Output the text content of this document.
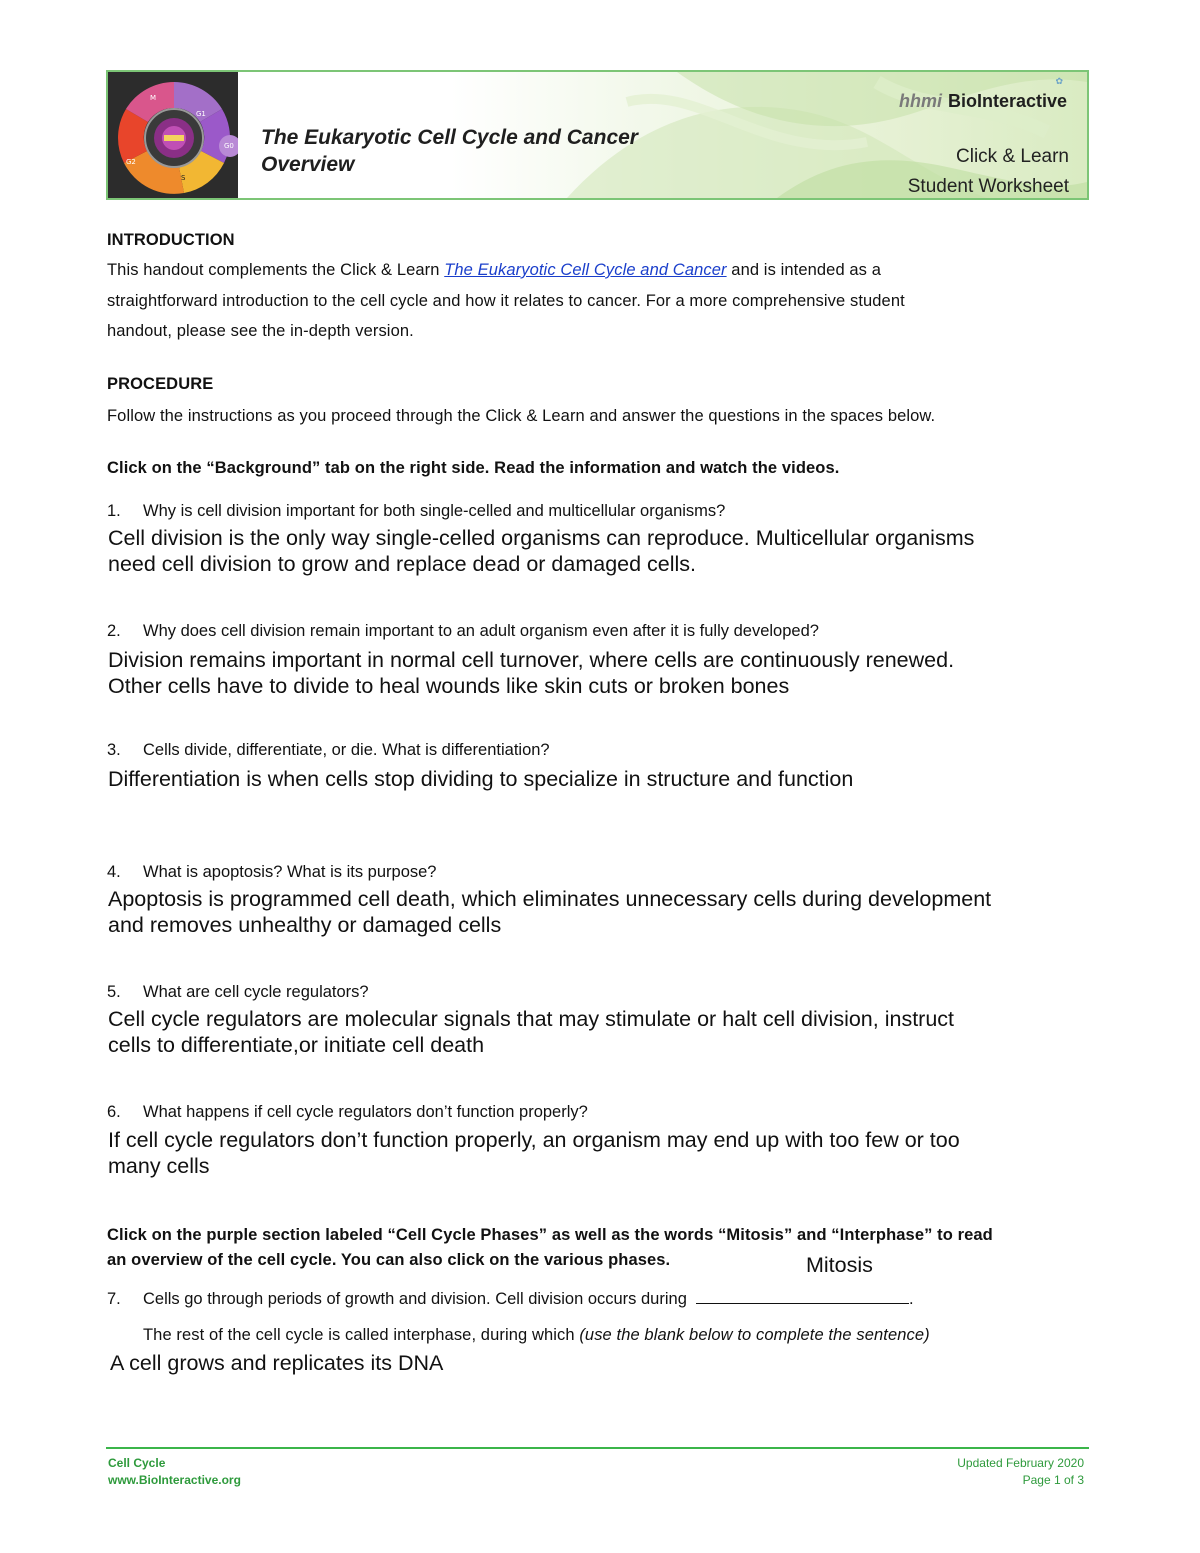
M
G1
G0
S
G2
The Eukaryotic Cell Cycle and Cancer
Overview
✿
hhmi BioInteractive
Click & Learn
Student Worksheet
INTRODUCTION
This handout complements the Click & Learn The Eukaryotic Cell Cycle and Cancer and is intended as a
straightforward introduction to the cell cycle and how it relates to cancer. For a more comprehensive student
handout, please see the in-depth version.
PROCEDURE
Follow the instructions as you proceed through the Click & Learn and answer the questions in the spaces below.
Click on the “Background” tab on the right side. Read the information and watch the videos.
1. Why is cell division important for both single-celled and multicellular organisms?
Cell division is the only way single-celled organisms can reproduce. Multicellular organisms
need cell division to grow and replace dead or damaged cells.
2. Why does cell division remain important to an adult organism even after it is fully developed?
Division remains important in normal cell turnover, where cells are continuously renewed.
Other cells have to divide to heal wounds like skin cuts or broken bones
3. Cells divide, differentiate, or die. What is differentiation?
Differentiation is when cells stop dividing to specialize in structure and function
4. What is apoptosis? What is its purpose?
Apoptosis is programmed cell death, which eliminates unnecessary cells during development
and removes unhealthy or damaged cells
5. What are cell cycle regulators?
Cell cycle regulators are molecular signals that may stimulate or halt cell division, instruct
cells to differentiate,or initiate cell death
6. What happens if cell cycle regulators don’t function properly?
If cell cycle regulators don’t function properly, an organism may end up with too few or too
many cells
Click on the purple section labeled “Cell Cycle Phases” as well as the words “Mitosis” and “Interphase” to read
an overview of the cell cycle. You can also click on the various phases.	Mitosis
7. Cells go through periods of growth and division. Cell division occurs during	.
The rest of the cell cycle is called interphase, during which (use the blank below to complete the sentence)
A cell grows and replicates its DNA
Cell Cycle
www.BioInteractive.org
Updated February 2020
Page 1 of 3
